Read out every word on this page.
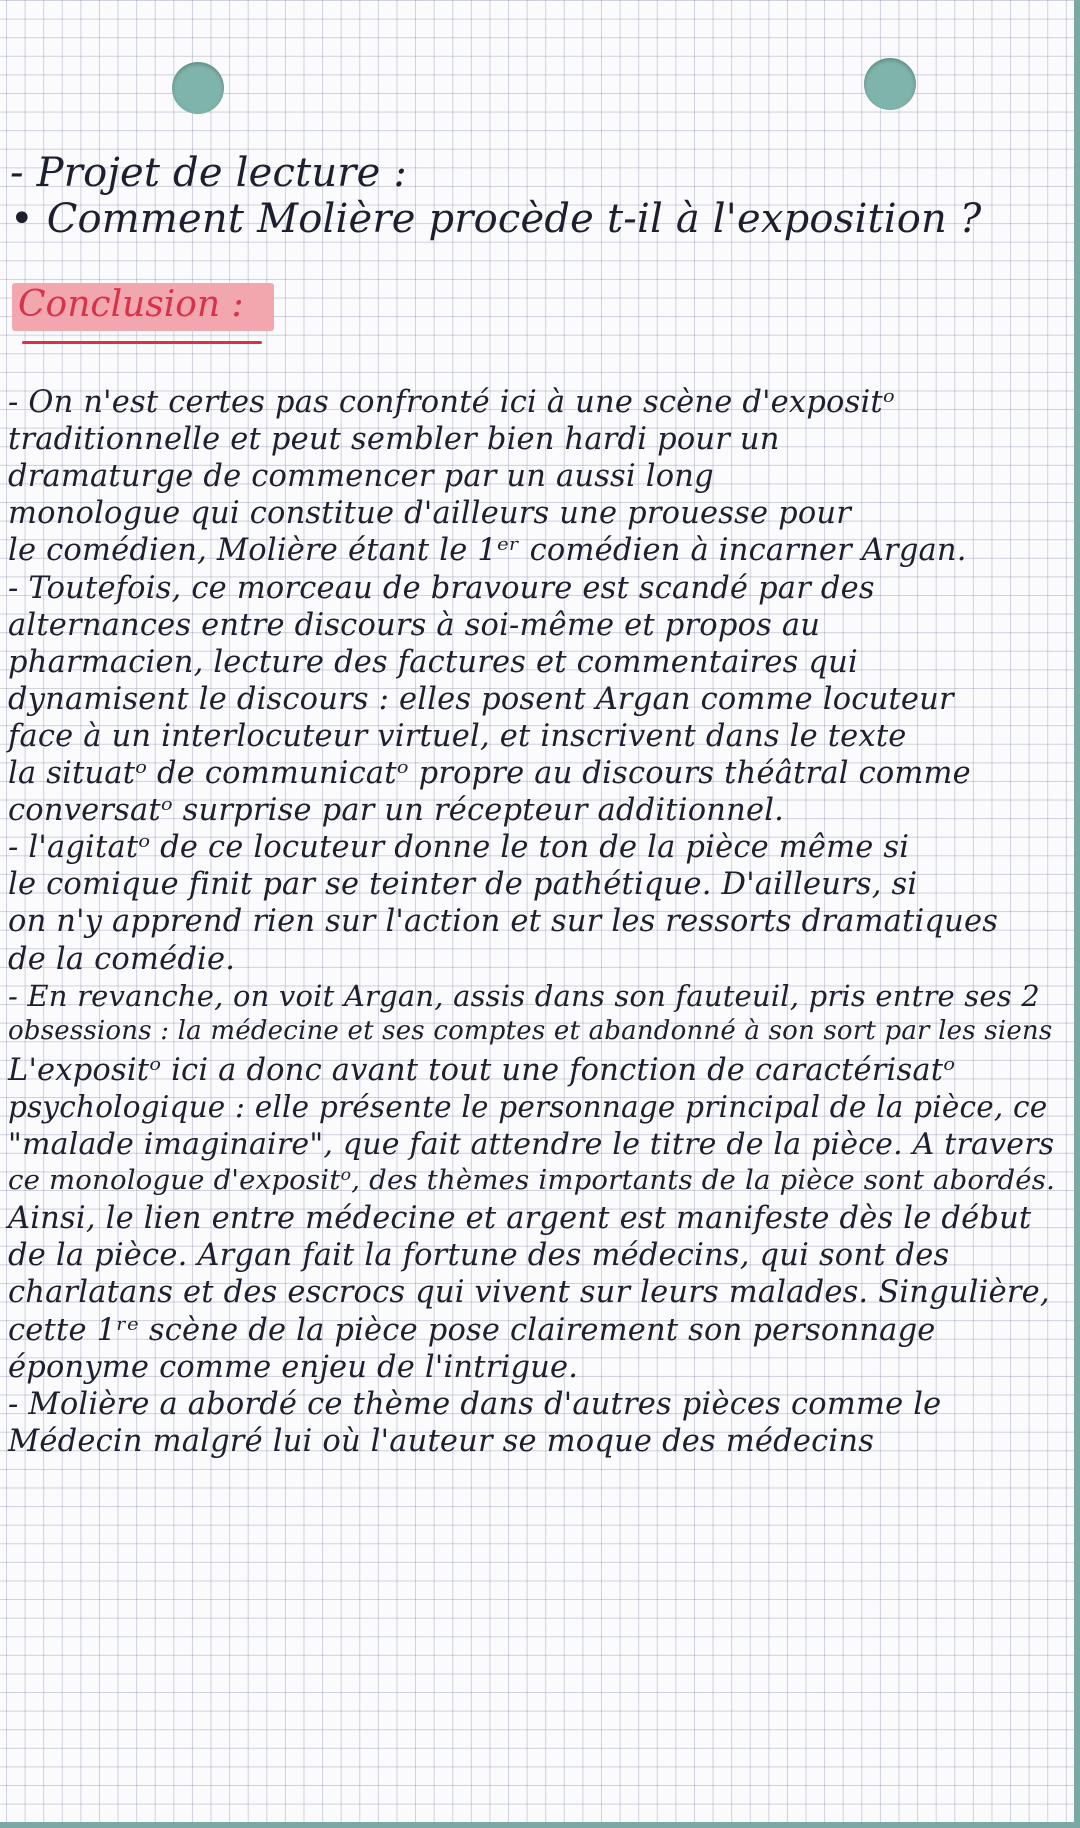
- Projet de lecture :
• Comment Molière procède t-il à l'exposition ?
Conclusion :
- On n'est certes pas confronté ici à une scène d'expositᵒ
traditionnelle et peut sembler bien hardi pour un
dramaturge de commencer par un aussi long
monologue qui constitue d'ailleurs une prouesse pour
le comédien, Molière étant le 1ᵉʳ comédien à incarner Argan.
- Toutefois, ce morceau de bravoure est scandé par des
alternances entre discours à soi-même et propos au
pharmacien, lecture des factures et commentaires qui
dynamisent le discours : elles posent Argan comme locuteur
face à un interlocuteur virtuel, et inscrivent dans le texte
la situatᵒ de communicatᵒ propre au discours théâtral comme
conversatᵒ surprise par un récepteur additionnel.
- l'agitatᵒ de ce locuteur donne le ton de la pièce même si
le comique finit par se teinter de pathétique. D'ailleurs, si
on n'y apprend rien sur l'action et sur les ressorts dramatiques
de la comédie.
- En revanche, on voit Argan, assis dans son fauteuil, pris entre ses 2
obsessions : la médecine et ses comptes et abandonné à son sort par les siens
L'expositᵒ ici a donc avant tout une fonction de caractérisatᵒ
psychologique : elle présente le personnage principal de la pièce, ce
"malade imaginaire", que fait attendre le titre de la pièce. A travers
ce monologue d'expositᵒ, des thèmes importants de la pièce sont abordés.
Ainsi, le lien entre médecine et argent est manifeste dès le début
de la pièce. Argan fait la fortune des médecins, qui sont des
charlatans et des escrocs qui vivent sur leurs malades. Singulière,
cette 1ʳᵉ scène de la pièce pose clairement son personnage
éponyme comme enjeu de l'intrigue.
- Molière a abordé ce thème dans d'autres pièces comme le
Médecin malgré lui où l'auteur se moque des médecins
